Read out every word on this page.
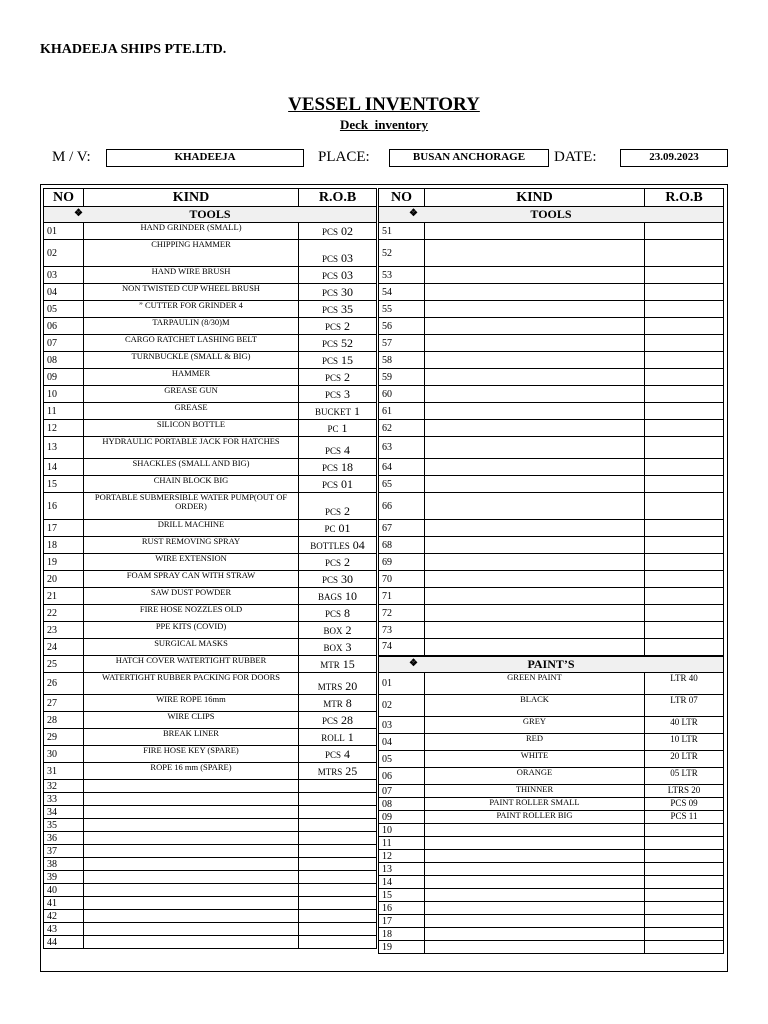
KHADEEJA SHIPS PTE.LTD.
VESSEL INVENTORY
Deck  inventory
M / V:	KHADEEJA	PLACE:	BUSAN ANCHORAGE	DATE:	23.09.2023
NO	KIND	R.O.B

❖ TOOLS		
01	HAND GRINDER (SMALL)	PCS 02
02	CHIPPING HAMMER	PCS 03
03	HAND WIRE BRUSH	PCS 03
04	NON TWISTED CUP WHEEL BRUSH	PCS 30
05	” CUTTER FOR GRINDER 4	PCS 35
06	TARPAULIN (8/30)M	PCS 2
07	CARGO RATCHET LASHING BELT	PCS 52
08	TURNBUCKLE (SMALL & BIG)	PCS 15
09	HAMMER	PCS 2
10	GREASE GUN	PCS 3
11	GREASE	BUCKET 1
12	SILICON BOTTLE	PC 1
13	HYDRAULIC PORTABLE JACK FOR HATCHES	PCS 4
14	SHACKLES (SMALL AND BIG)	PCS 18
15	CHAIN BLOCK BIG	PCS 01
16	PORTABLE SUBMERSIBLE WATER PUMP(OUT OF ORDER)	PCS 2
17	DRILL MACHINE	PC 01
18	RUST REMOVING SPRAY	BOTTLES 04
19	WIRE EXTENSION	PCS 2
20	FOAM SPRAY CAN WITH STRAW	PCS 30
21	SAW DUST POWDER	BAGS 10
22	FIRE HOSE NOZZLES OLD	PCS 8
23	PPE KITS (COVID)	BOX 2
24	SURGICAL MASKS	BOX 3
25	HATCH COVER WATERTIGHT RUBBER	MTR 15
26	WATERTIGHT RUBBER PACKING FOR DOORS	MTRS 20
27	WIRE ROPE 16mm	MTR 8
28	WIRE CLIPS	PCS 28
29	BREAK LINER	ROLL 1
30	FIRE HOSE KEY (SPARE)	PCS 4
31	ROPE 16 mm (SPARE)	MTRS 25
32		
33		
34		
35		
36		
37		
38		
39		
40		
41		
42		
43		
44		
NO	KIND	R.O.B

❖ TOOLS		
51		
52		
53		
54		
55		
56		
57		
58		
59		
60		
61		
62		
63		
64		
65		
66		
67		
68		
69		
70		
71		
72		
73		
74		

❖ PAINT’S		
01	GREEN PAINT	LTR 40
02	BLACK	LTR 07
03	GREY	40 LTR
04	RED	10 LTR
05	WHITE	20 LTR
06	ORANGE	05 LTR
07	THINNER	LTRS 20
08	PAINT ROLLER SMALL	PCS 09
09	PAINT ROLLER BIG	PCS 11
10		
11		
12		
13		
14		
15		
16		
17		
18		
19		
